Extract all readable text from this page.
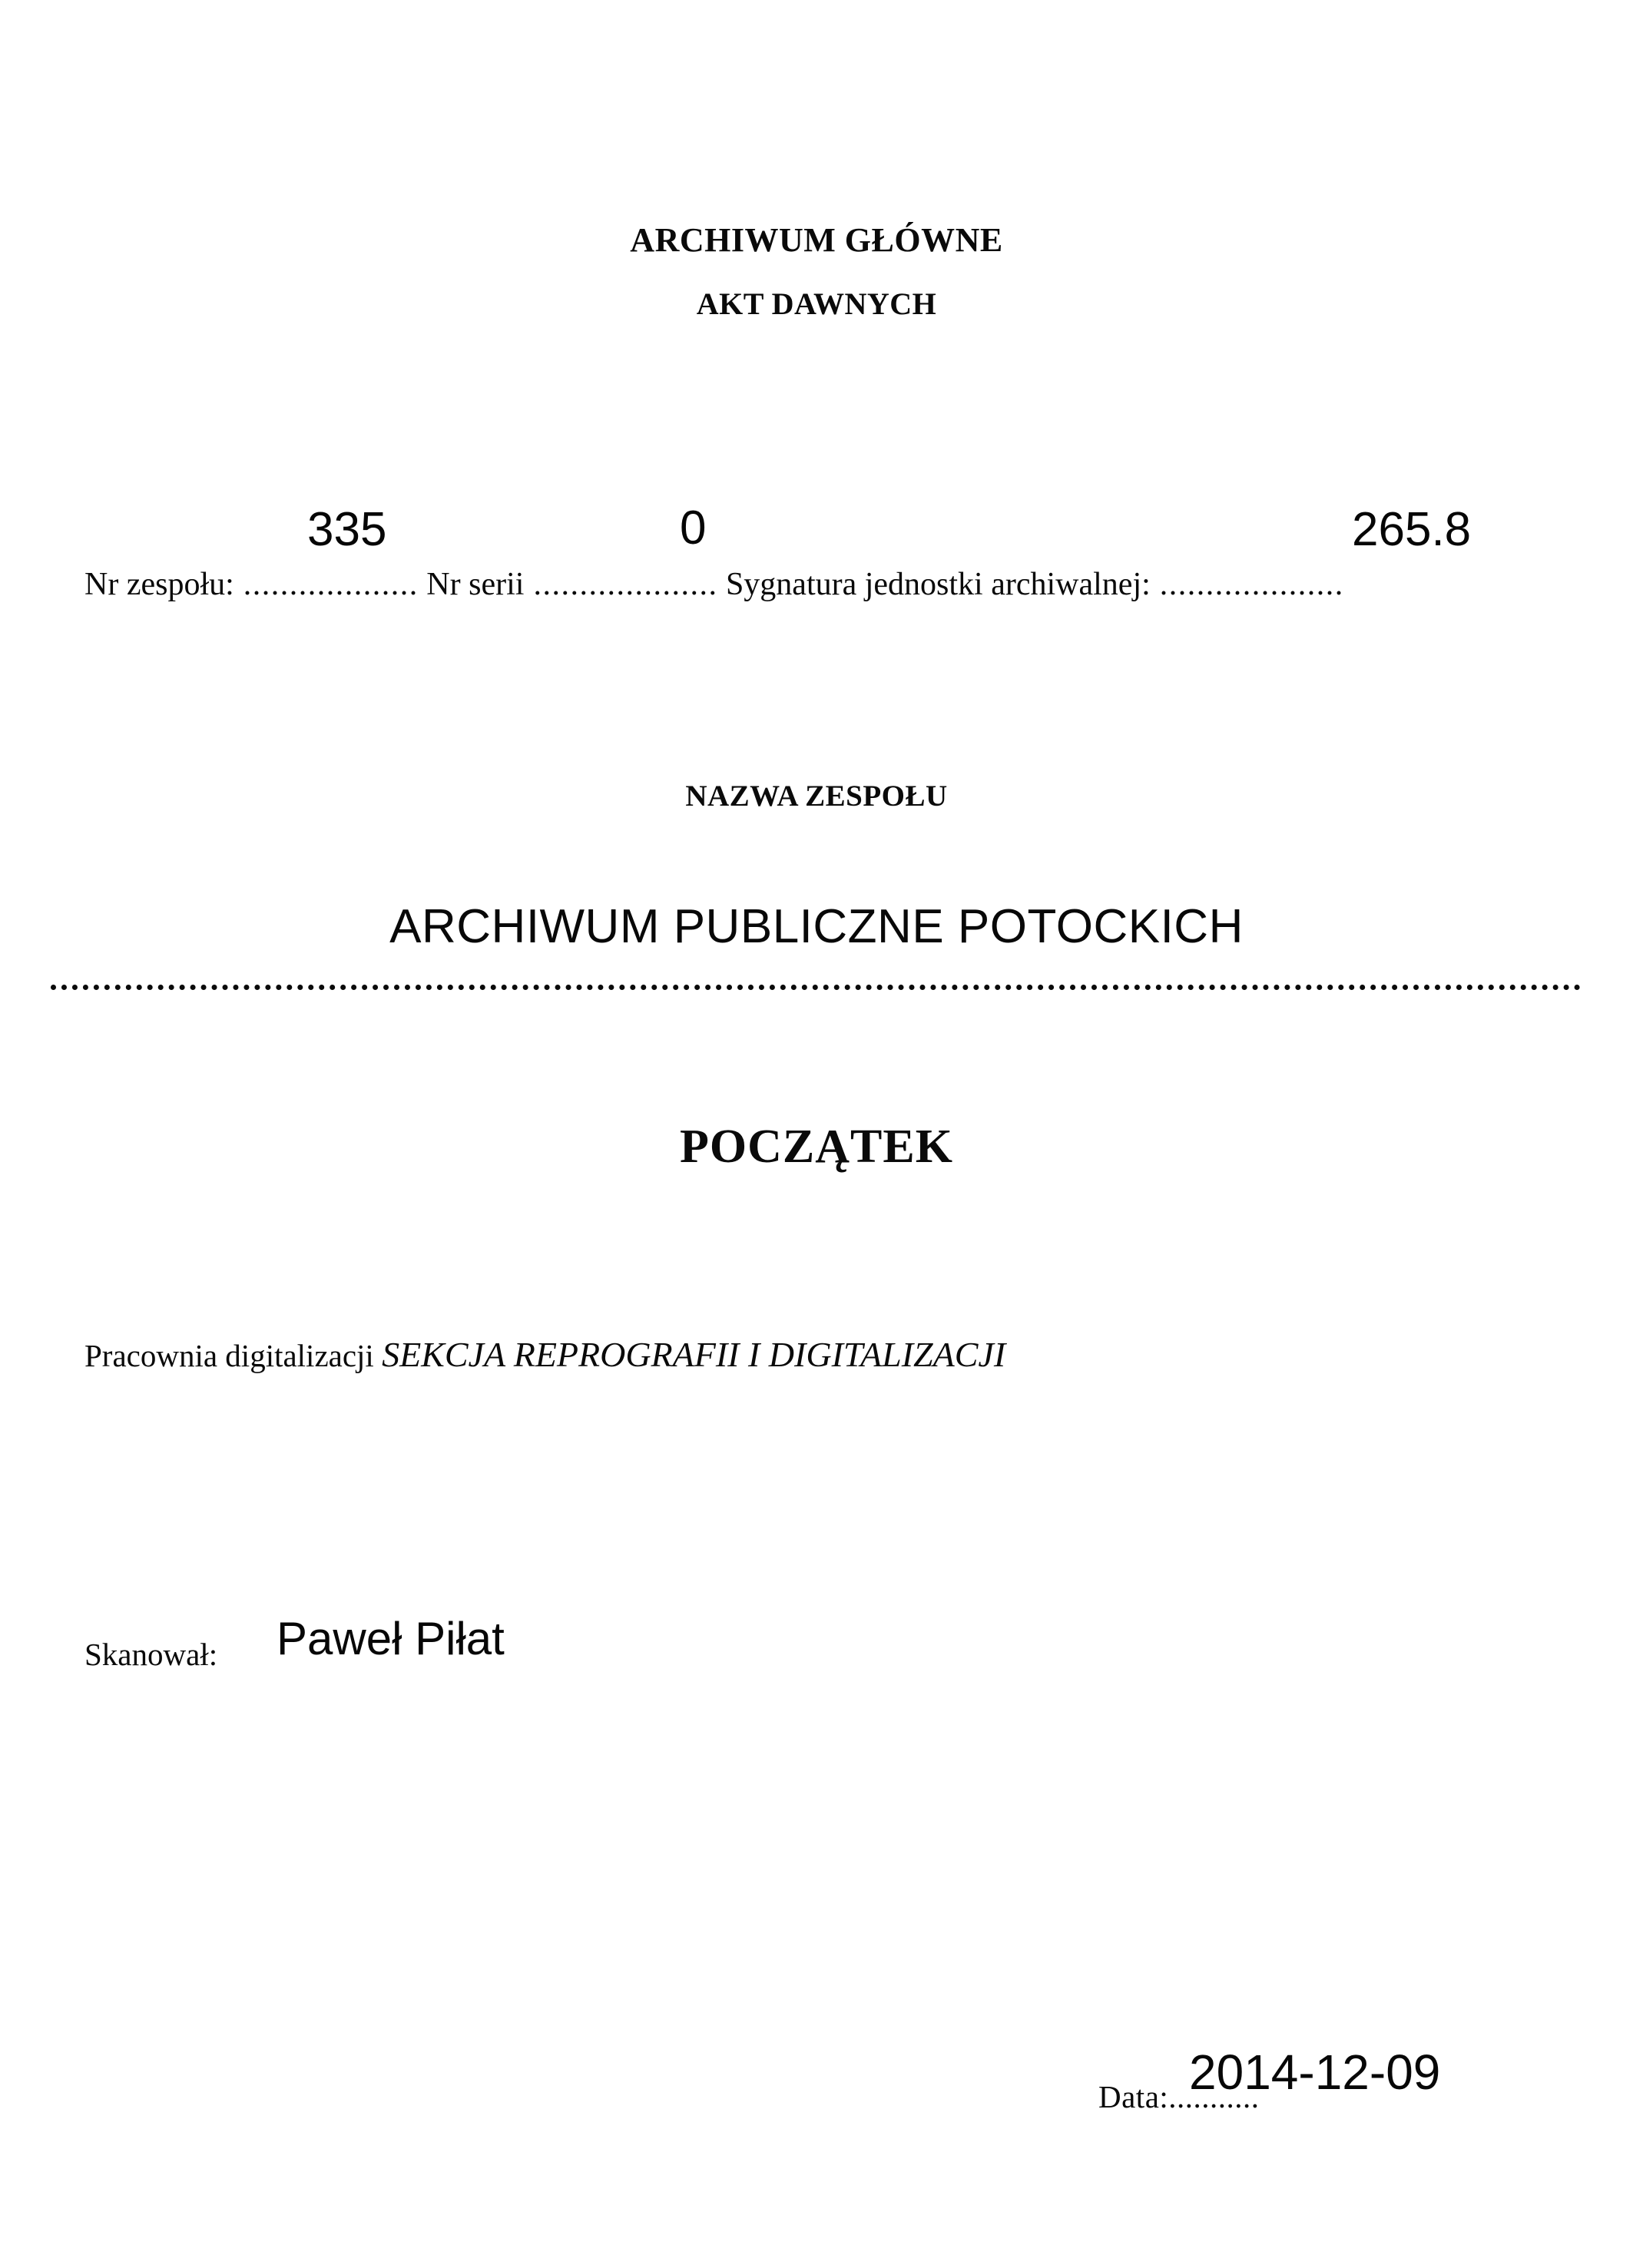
ARCHIWUM GŁÓWNE
AKT DAWNYCH
Nr zespołu: ................... Nr serii .................... Sygnatura jednostki archiwalnej: ....................
335	0	265.8
NAZWA ZESPOŁU
ARCHIWUM PUBLICZNE POTOCKICH
POCZĄTEK
Pracownia digitalizacji SEKCJA REPROGRAFII I DIGITALIZACJI
Skanował: Paweł Piłat
Data:...........
2014-12-09
